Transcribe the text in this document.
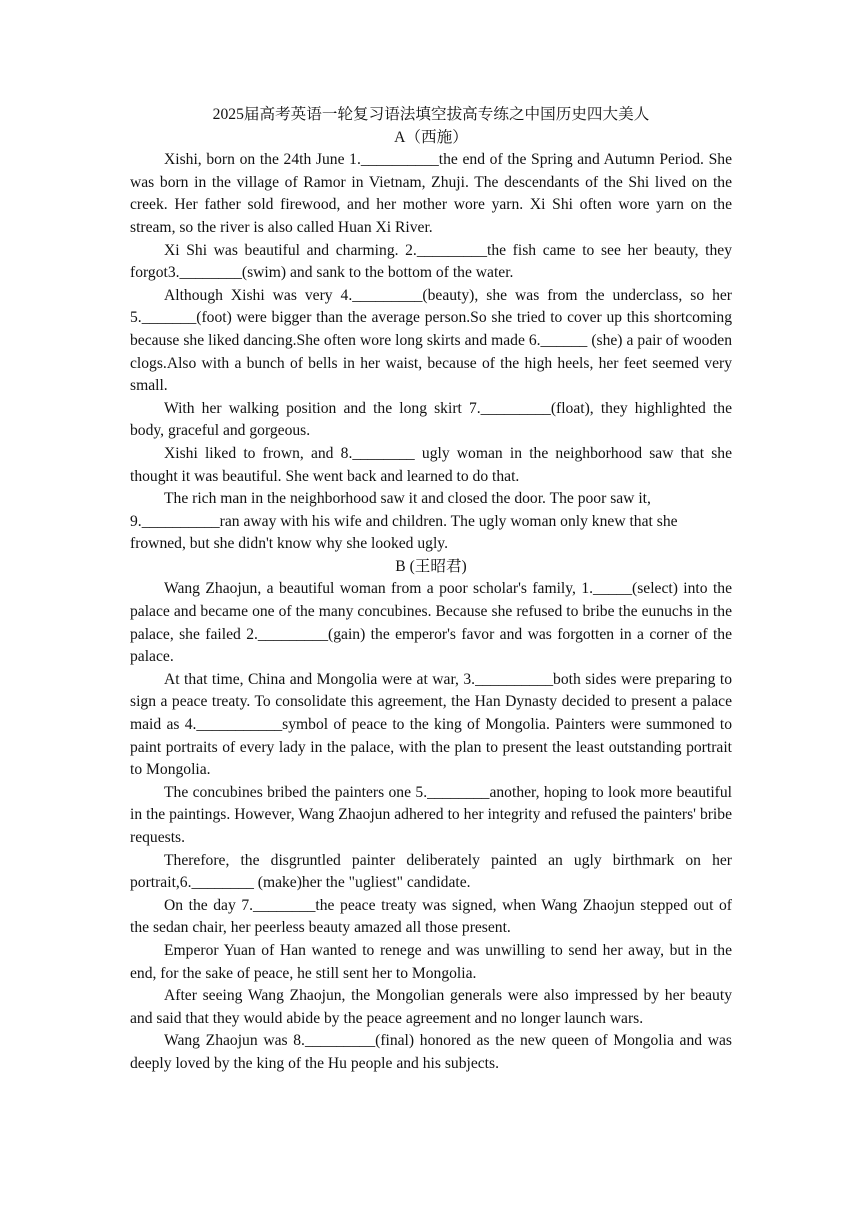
2025届高考英语一轮复习语法填空拔高专练之中国历史四大美人
A（西施）

Xishi, born on the 24th June 1.__________the end of the Spring and Autumn Period. She was born in the village of Ramor in Vietnam, Zhuji. The descendants of the Shi lived on the creek. Her father sold firewood, and her mother wore yarn. Xi Shi often wore yarn on the stream, so the river is also called Huan Xi River.

Xi Shi was beautiful and charming. 2._________the fish came to see her beauty, they forgot3.________(swim) and sank to the bottom of the water.

Although Xishi was very 4._________(beauty), she was from the underclass, so her 5._______(foot) were bigger than the average person.So she tried to cover up this shortcoming because she liked dancing.She often wore long skirts and made 6.______ (she) a pair of wooden clogs.Also with a bunch of bells in her waist, because of the high heels, her feet seemed very small.

With her walking position and the long skirt 7._________(float), they highlighted the body, graceful and gorgeous.

Xishi liked to frown, and 8.________ ugly woman in the neighborhood saw that she thought it was beautiful. She went back and learned to do that.

The rich man in the neighborhood saw it and closed the door. The poor saw it, 9.__________ran away with his wife and children. The ugly woman only knew that she frowned, but she didn't know why she looked ugly.

B (王昭君)

Wang Zhaojun, a beautiful woman from a poor scholar's family, 1._____(select) into the palace and became one of the many concubines. Because she refused to bribe the eunuchs in the palace, she failed 2._________(gain) the emperor's favor and was forgotten in a corner of the palace.

At that time, China and Mongolia were at war, 3.__________both sides were preparing to sign a peace treaty. To consolidate this agreement, the Han Dynasty decided to present a palace maid as 4.___________symbol of peace to the king of Mongolia. Painters were summoned to paint portraits of every lady in the palace, with the plan to present the least outstanding portrait to Mongolia.

The concubines bribed the painters one 5.________another, hoping to look more beautiful in the paintings. However, Wang Zhaojun adhered to her integrity and refused the painters' bribe requests.

Therefore, the disgruntled painter deliberately painted an ugly birthmark on her portrait,6.________ (make)her the "ugliest" candidate.

On the day 7.________the peace treaty was signed, when Wang Zhaojun stepped out of the sedan chair, her peerless beauty amazed all those present.

Emperor Yuan of Han wanted to renege and was unwilling to send her away, but in the end, for the sake of peace, he still sent her to Mongolia.

After seeing Wang Zhaojun, the Mongolian generals were also impressed by her beauty and said that they would abide by the peace agreement and no longer launch wars.

Wang Zhaojun was 8._________(final) honored as the new queen of Mongolia and was deeply loved by the king of the Hu people and his subjects.
